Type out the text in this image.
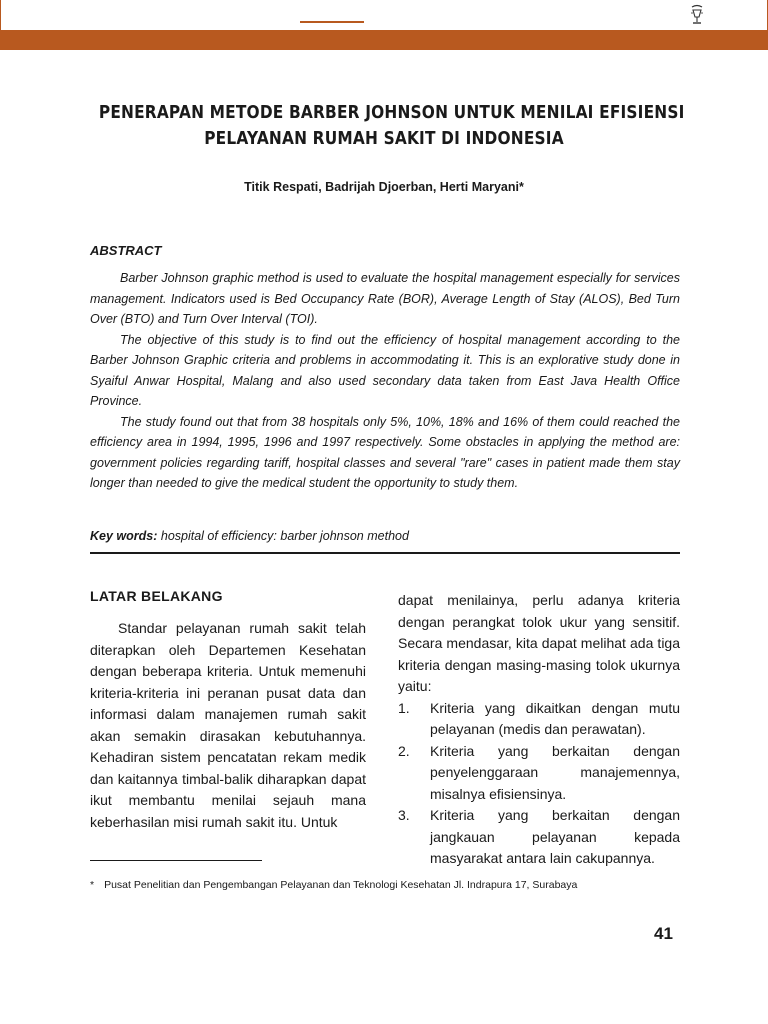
PENERAPAN METODE BARBER JOHNSON UNTUK MENILAI EFISIENSI
PELAYANAN RUMAH SAKIT DI INDONESIA
Titik Respati, Badrijah Djoerban, Herti Maryani*
ABSTRACT

Barber Johnson graphic method is used to evaluate the hospital management especially for services management. Indicators used is Bed Occupancy Rate (BOR), Average Length of Stay (ALOS), Bed Turn Over (BTO) and Turn Over Interval (TOI).

The objective of this study is to find out the efficiency of hospital management according to the Barber Johnson Graphic criteria and problems in accommodating it. This is an explorative study done in Syaiful Anwar Hospital, Malang and also used secondary data taken from East Java Health Office Province.

The study found out that from 38 hospitals only 5%, 10%, 18% and 16% of them could reached the efficiency area in 1994, 1995, 1996 and 1997 respectively. Some obstacles in applying the method are: government policies regarding tariff, hospital classes and several "rare" cases in patient made them stay longer than needed to give the medical student the opportunity to study them.

Key words: hospital of efficiency: barber johnson method
LATAR BELAKANG

Standar pelayanan rumah sakit telah diterapkan oleh Departemen Kesehatan dengan beberapa kriteria. Untuk memenuhi kriteria-kriteria ini peranan pusat data dan informasi dalam manajemen rumah sakit akan semakin dirasakan kebutuhannya. Kehadiran sistem pencatatan rekam medik dan kaitannya timbal-balik diharapkan dapat ikut membantu menilai sejauh mana keberhasilan misi rumah sakit itu. Untuk

dapat menilainya, perlu adanya kriteria dengan perangkat tolok ukur yang sensitif. Secara mendasar, kita dapat melihat ada tiga kriteria dengan masing-masing tolok ukurnya yaitu:

1. Kriteria yang dikaitkan dengan mutu pelayanan (medis dan perawatan).
2. Kriteria yang berkaitan dengan penyelenggaraan manajemennya, misalnya efisiensinya.
3. Kriteria yang berkaitan dengan jangkauan pelayanan kepada masyarakat antara lain cakupannya.
* Pusat Penelitian dan Pengembangan Pelayanan dan Teknologi Kesehatan Jl. Indrapura 17, Surabaya
41
